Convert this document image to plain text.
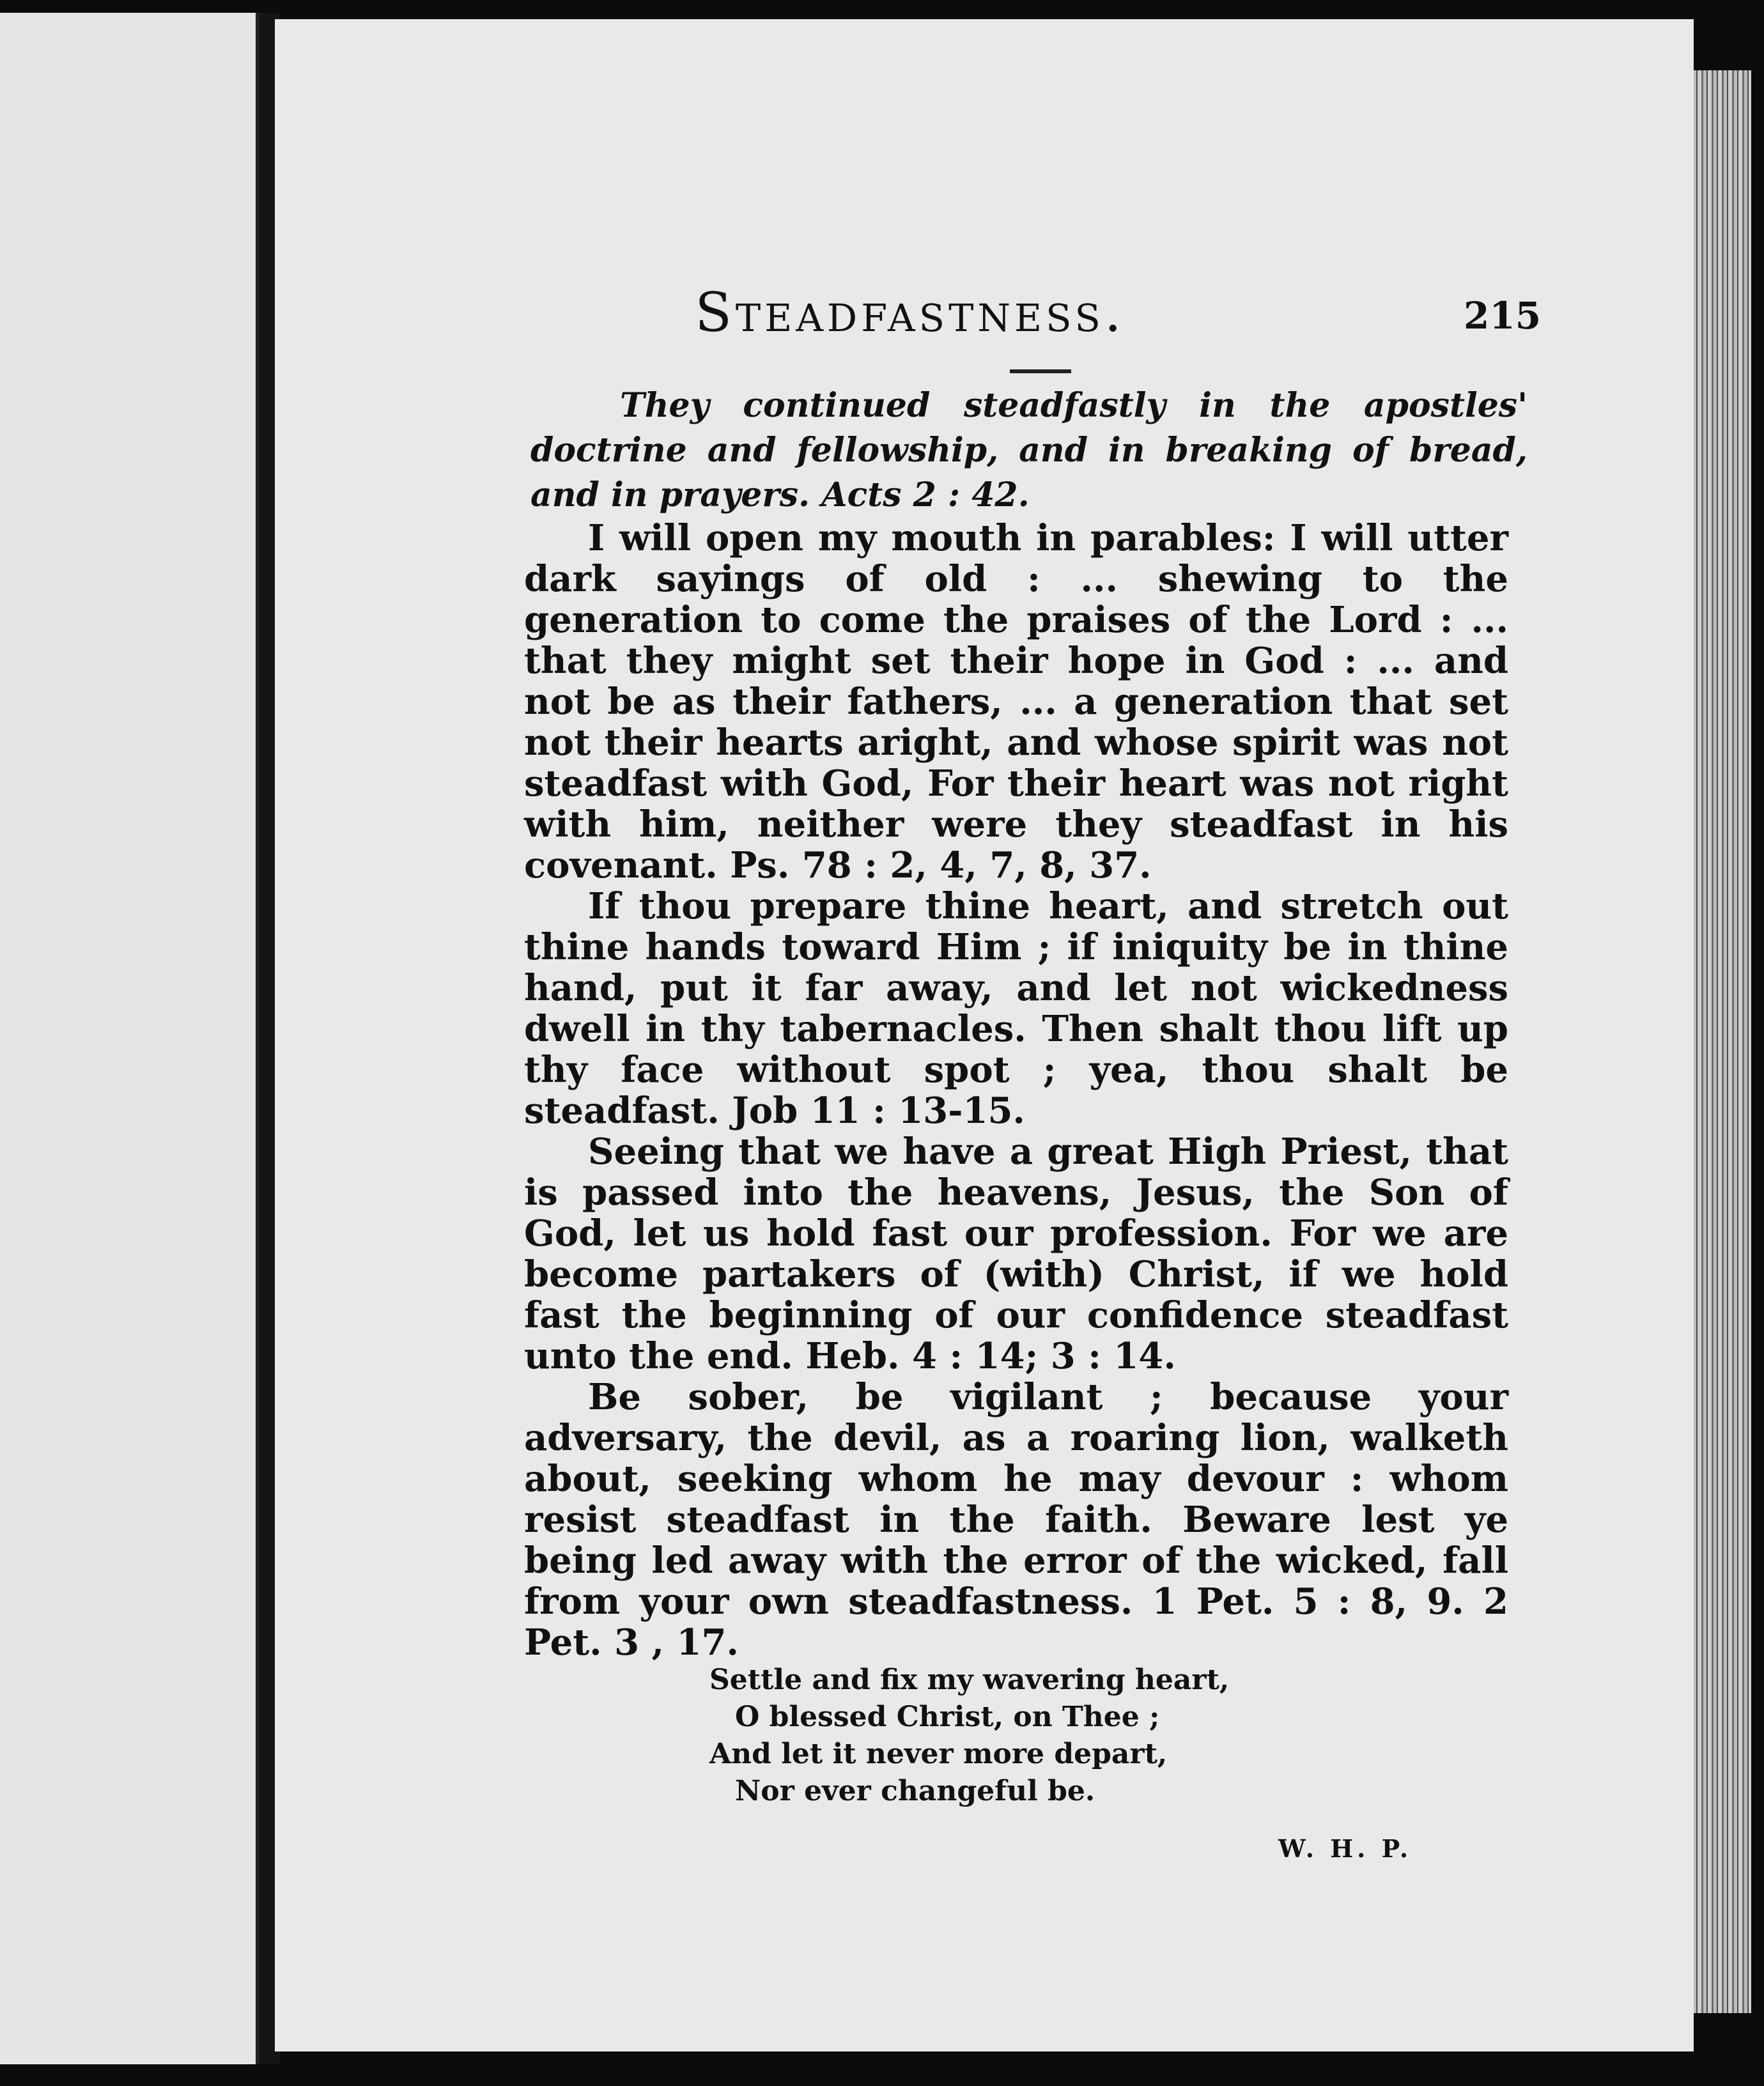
Steadfastness.	215
They continued steadfastly in the apostles' doctrine and fellowship, and in breaking of bread, and in prayers. Acts 2 : 42.

I will open my mouth in parables: I will utter dark sayings of old : ... shewing to the generation to come the praises of the Lord : ... that they might set their hope in God : ... and not be as their fathers, ... a generation that set not their hearts aright, and whose spirit was not steadfast with God, For their heart was not right with him, neither were they steadfast in his covenant. Ps. 78 : 2, 4, 7, 8, 37.

If thou prepare thine heart, and stretch out thine hands toward Him ; if iniquity be in thine hand, put it far away, and let not wickedness dwell in thy tabernacles. Then shalt thou lift up thy face without spot ; yea, thou shalt be steadfast. Job 11 : 13-15.

Seeing that we have a great High Priest, that is passed into the heavens, Jesus, the Son of God, let us hold fast our profession. For we are become partakers of (with) Christ, if we hold fast the beginning of our confidence steadfast unto the end. Heb. 4 : 14; 3 : 14.

Be sober, be vigilant ; because your adversary, the devil, as a roaring lion, walketh about, seeking whom he may devour : whom resist steadfast in the faith. Beware lest ye being led away with the error of the wicked, fall from your own steadfastness. 1 Pet. 5 : 8, 9. 2 Pet. 3 , 17.

Settle and fix my wavering heart,
O blessed Christ, on Thee ;
And let it never more depart,
Nor ever changeful be.
W. H. P.
